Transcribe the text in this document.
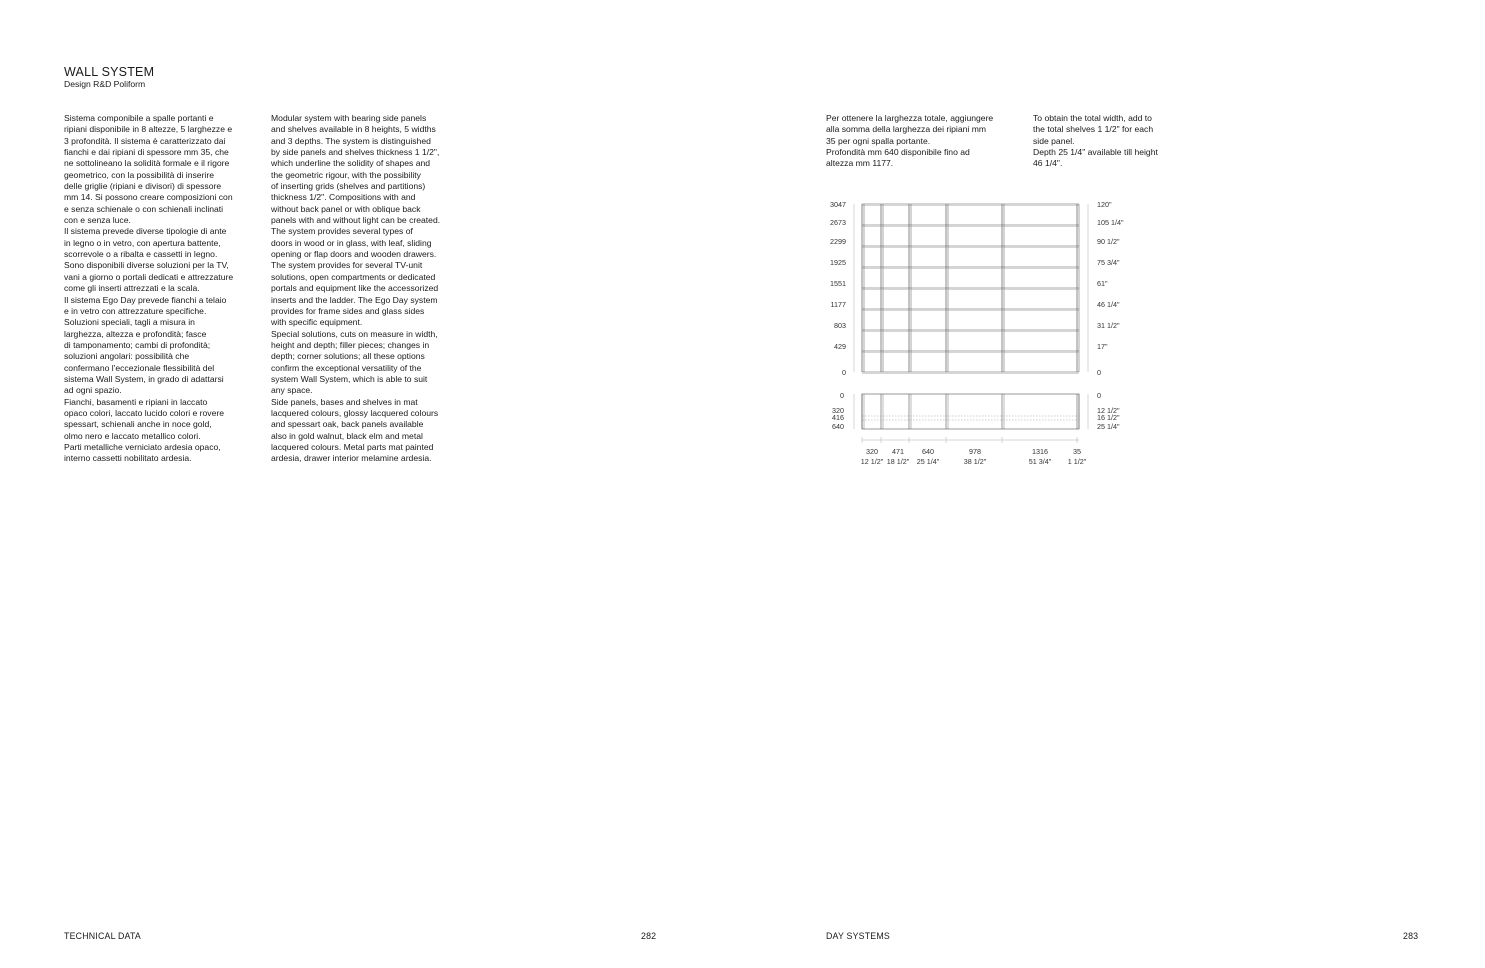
WALL SYSTEM
Design R&D Poliform
Sistema componibile a spalle portanti e
ripiani disponibile in 8 altezze, 5 larghezze e
3 profondità. Il sistema è caratterizzato dai
fianchi e dai ripiani di spessore mm 35, che
ne sottolineano la solidità formale e il rigore
geometrico, con la possibilità di inserire
delle griglie (ripiani e divisori) di spessore
mm 14. Si possono creare composizioni con
e senza schienale o con schienali inclinati
con e senza luce.
Il sistema prevede diverse tipologie di ante
in legno o in vetro, con apertura battente,
scorrevole o a ribalta e cassetti in legno.
Sono disponibili diverse soluzioni per la TV,
vani a giorno o portali dedicati e attrezzature
come gli inserti attrezzati e la scala.
Il sistema Ego Day prevede fianchi a telaio
e in vetro con attrezzature specifiche.
Soluzioni speciali, tagli a misura in
larghezza, altezza e profondità; fasce
di tamponamento; cambi di profondità;
soluzioni angolari: possibilità che
confermano l'eccezionale flessibilità del
sistema Wall System, in grado di adattarsi
ad ogni spazio.
Fianchi, basamenti e ripiani in laccato
opaco colori, laccato lucido colori e rovere
spessart, schienali anche in noce gold,
olmo nero e laccato metallico colori.
Parti metalliche verniciato ardesia opaco,
interno cassetti nobilitato ardesia.
Modular system with bearing side panels
and shelves available in 8 heights, 5 widths
and 3 depths. The system is distinguished
by side panels and shelves thickness 1 1/2",
which underline the solidity of shapes and
the geometric rigour, with the possibility
of inserting grids (shelves and partitions)
thickness 1/2". Compositions with and
without back panel or with oblique back
panels with and without light can be created.
The system provides several types of
doors in wood or in glass, with leaf, sliding
opening or flap doors and wooden drawers.
The system provides for several TV-unit
solutions, open compartments or dedicated
portals and equipment like the accessorized
inserts and the ladder. The Ego Day system
provides for frame sides and glass sides
with specific equipment.
Special solutions, cuts on measure in width,
height and depth; filler pieces; changes in
depth; corner solutions; all these options
confirm the exceptional versatility of the
system Wall System, which is able to suit
any space.
Side panels, bases and shelves in mat
lacquered colours, glossy lacquered colours
and spessart oak, back panels available
also in gold walnut, black elm and metal
lacquered colours. Metal parts mat painted
ardesia, drawer interior melamine ardesia.
Per ottenere la larghezza totale, aggiungere
alla somma della larghezza dei ripiani mm
35 per ogni spalla portante.
Profondità mm 640 disponibile fino ad
altezza mm 1177.
To obtain the total width, add to
the total shelves 1 1/2" for each
side panel.
Depth 25 1/4" available till height
46 1/4".
3047
2673
2299
1925
1551
1177
803
429
0
120"
105 1/4"
90 1/2"
75 3/4"
61"
46 1/4"
31 1/2"
17"
0
0
320
416
640
0
12 1/2"
16 1/2"
25 1/4"
320 471	640	978	1316	35
12 1/2" 18 1/2" 25 1/4"	38 1/2"	51 3/4" 1 1/2"
TECHNICAL DATA	282	DAY SYSTEMS	283
